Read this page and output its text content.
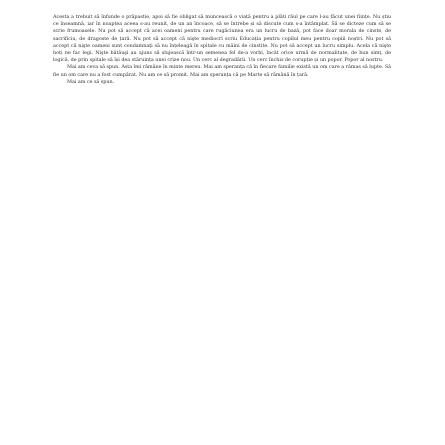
Acesta a trebuit să înfunde o prăpastie, apoi să fie obligat să muncească o viață pentru a plăti răul pe care l-au făcut unei ființe. Nu știu ce înseamnă, iar în noaptea aceea s-au reunit, de un an încoace, să se întrebe și să discute cum s-a întâmplat. Să se dicteze cum să se scrie frumoasele. Nu pot să accept că acei oameni pentru care rugăciunea era un lucru de bază, pot face doar morala de cinste, de sacrificiu, de dragoste de țară. Nu pot să accept că nişte mediocri scriu Educația pentru copilul meu pentru copiii noștri. Nu pot să accept că nişte oameni sunt condamnați să nu înțeleagă în spitale cu mâini de cinstite. Nu pot să accept un lucru simplu. Acela că nişte hoți ne fac legi. Nişte bătăuşi au ajuns să slujească într-un semenea fel de-a vorbi, încât orice urmă de normalitate, de bun simț, de logică, de prin spitale să își dea stăruința unei crize nou. Un cerc al degradării. Un cerc închis de corupție și un popor. Popor al nostru.

Mai am ceva să spun. Asta îmi rămâne în minte mereu. Mai am speranța că în fiecare familie există un om care a rămas să lupte. Să fie un om care nu a fost cumpărat. Nu am ce să promit. Mai am speranța că pe Marte să rămână în țară.

Mai am ce să spun.
